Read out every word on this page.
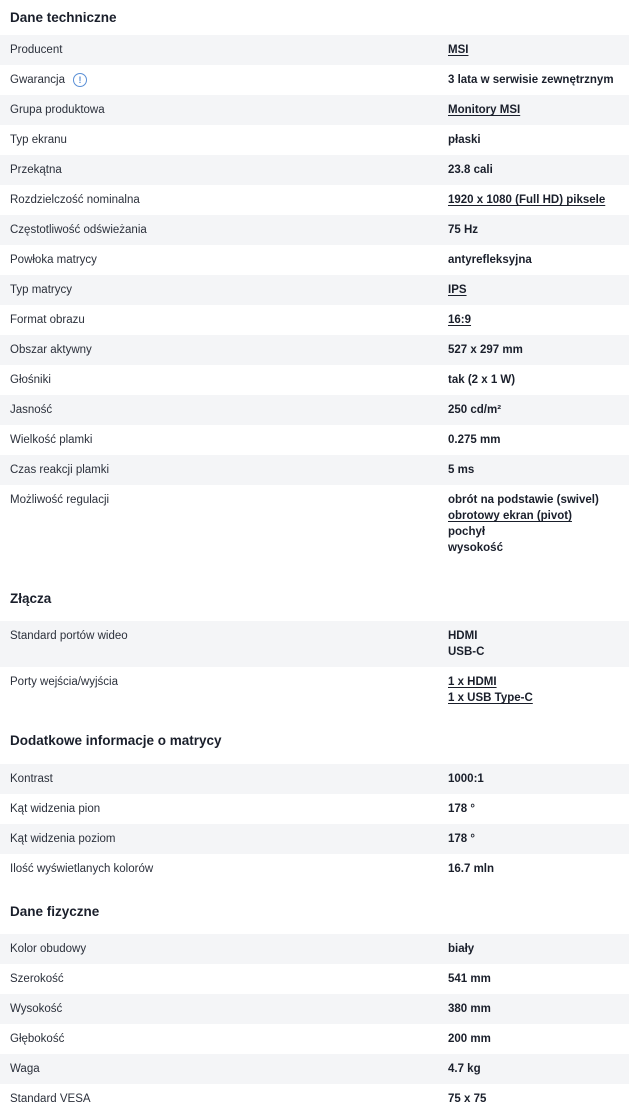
Dane techniczne
Producent	MSI
Gwarancja !	3 lata w serwisie zewnętrznym
Grupa produktowa	Monitory MSI
Typ ekranu	płaski
Przekątna	23.8 cali
Rozdzielczość nominalna	1920 x 1080 (Full HD) piksele
Częstotliwość odświeżania	75 Hz
Powłoka matrycy	antyrefleksyjna
Typ matrycy	IPS
Format obrazu	16:9
Obszar aktywny	527 x 297 mm
Głośniki	tak (2 x 1 W)
Jasność	250 cd/m²
Wielkość plamki	0.275 mm
Czas reakcji plamki	5 ms
Możliwość regulacji	obrót na podstawie (swivel)
obrotowy ekran (pivot)
pochył
wysokość
Złącza
Standard portów wideo	HDMI
USB-C
Porty wejścia/wyjścia	1 x HDMI
1 x USB Type-C
Dodatkowe informacje o matrycy
Kontrast	1000:1
Kąt widzenia pion	178 °
Kąt widzenia poziom	178 °
Ilość wyświetlanych kolorów	16.7 mln
Dane fizyczne
Kolor obudowy	biały
Szerokość	541 mm
Wysokość	380 mm
Głębokość	200 mm
Waga	4.7 kg
Standard VESA	75 x 75
